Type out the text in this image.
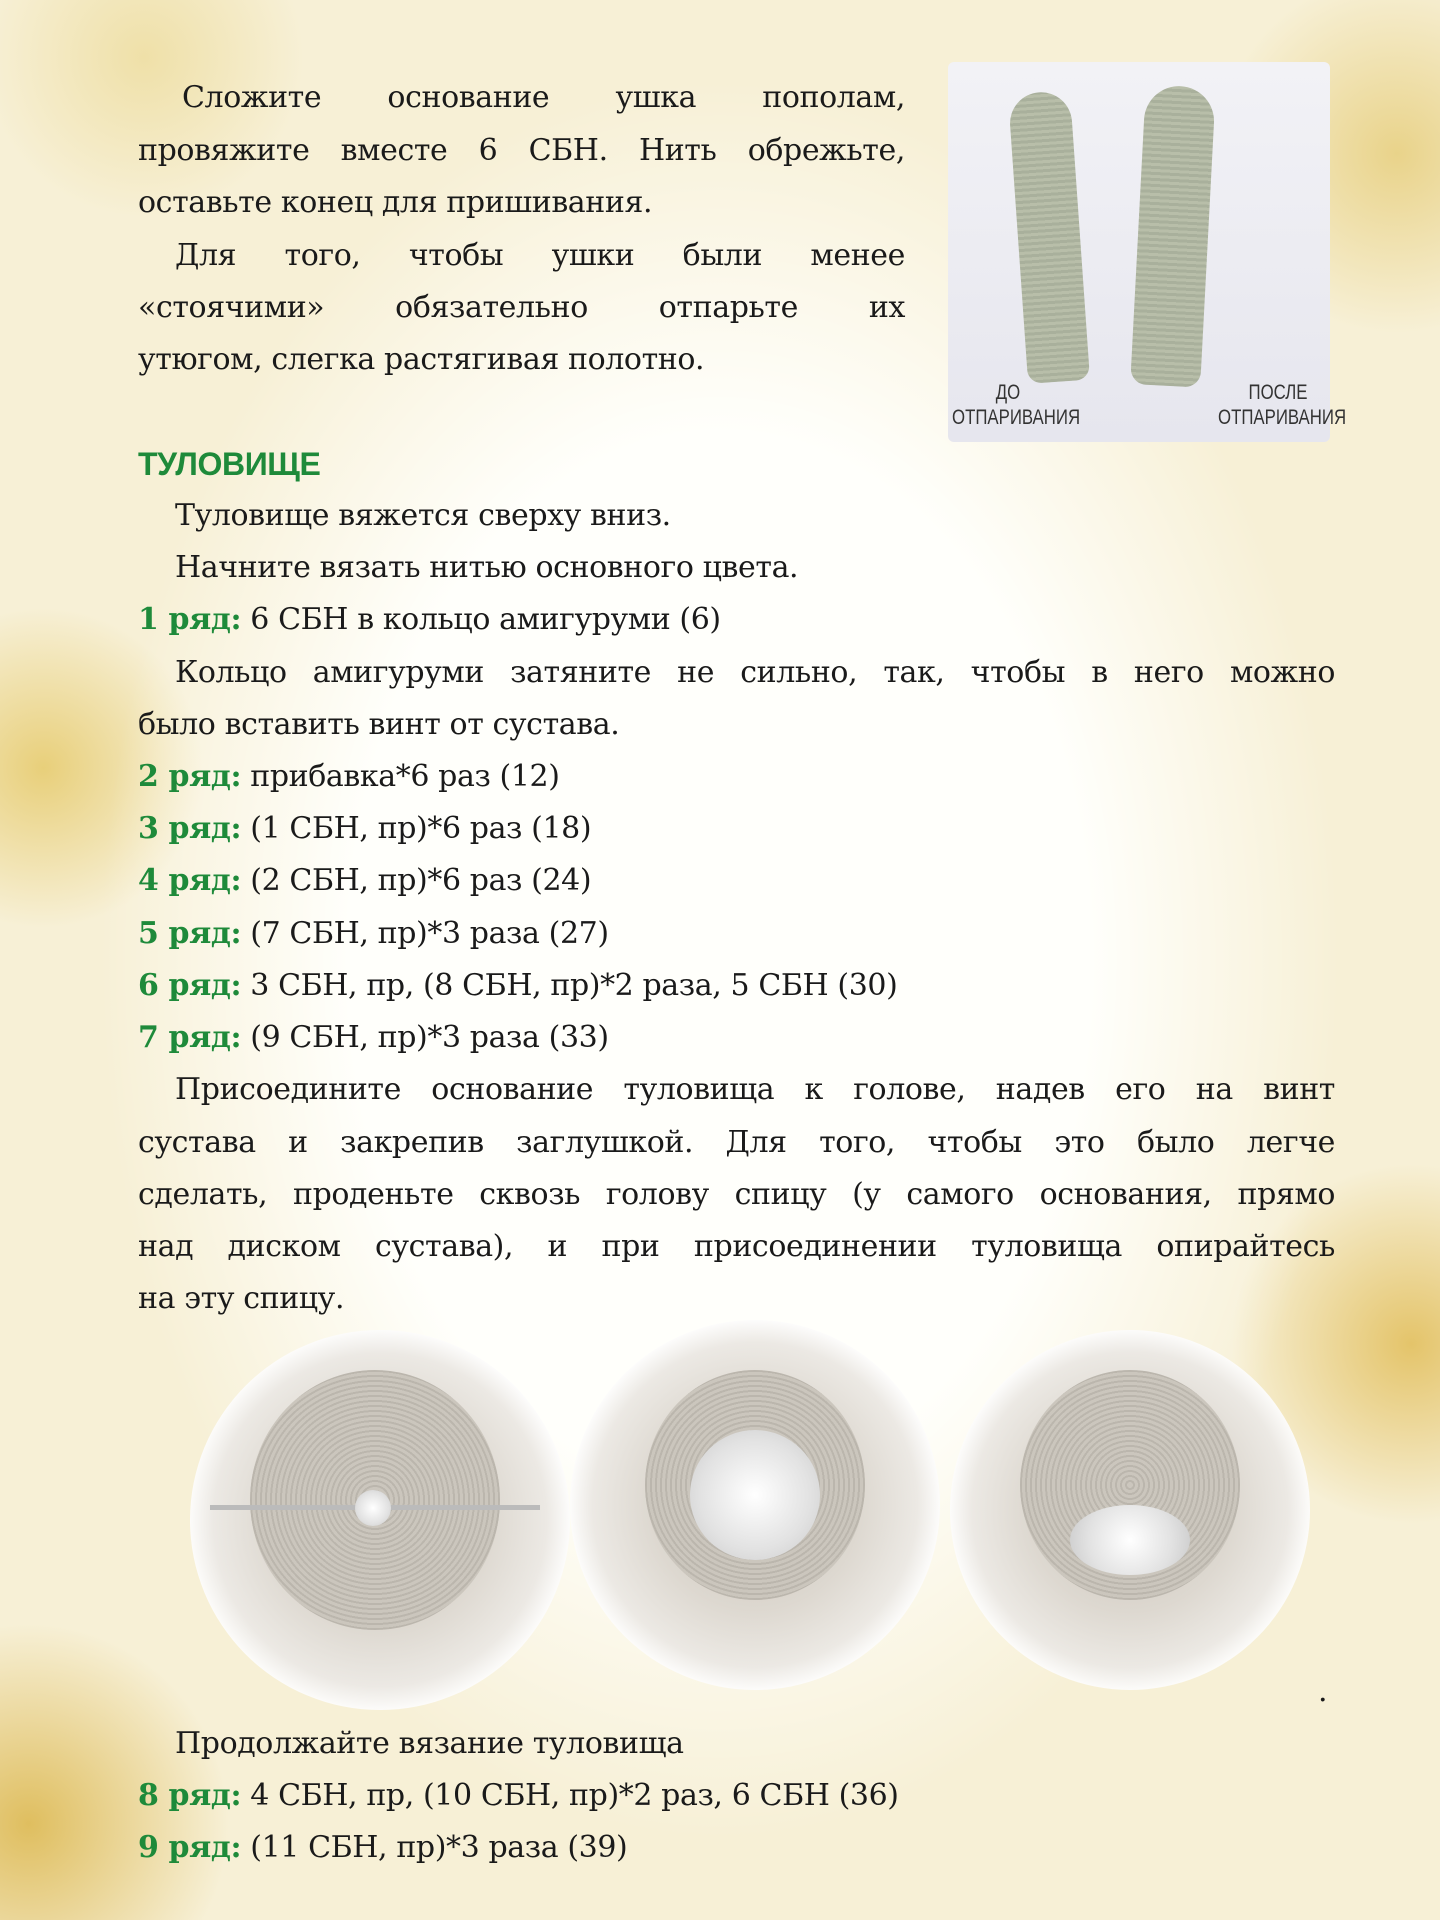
Сложите основание ушка пополам,
провяжите вместе 6 СБН. Нить обрежьте,
оставьте конец для пришивания.
Для того, чтобы ушки были менее
«стоячими» обязательно отпарьте их
утюгом, слегка растягивая полотно.
ДО ОТПАРИВАНИЯ
ПОСЛЕ ОТПАРИВАНИЯ
ТУЛОВИЩЕ
Туловище вяжется сверху вниз.
Начните вязать нитью основного цвета.
1 ряд: 6 СБН в кольцо амигуруми (6)
Кольцо амигуруми затяните не сильно, так, чтобы в него можно
было вставить винт от сустава.
2 ряд: прибавка*6 раз (12)
3 ряд: (1 СБН, пр)*6 раз (18)
4 ряд: (2 СБН, пр)*6 раз (24)
5 ряд: (7 СБН, пр)*3 раза (27)
6 ряд: 3 СБН, пр, (8 СБН, пр)*2 раза, 5 СБН (30)
7 ряд: (9 СБН, пр)*3 раза (33)
Присоедините основание туловища к голове, надев его на винт
сустава и закрепив заглушкой. Для того, чтобы это было легче
сделать, проденьте сквозь голову спицу (у самого основания, прямо
над диском сустава), и при присоединении туловища опирайтесь
на эту спицу.
.
Продолжайте вязание туловища
8 ряд: 4 СБН, пр, (10 СБН, пр)*2 раз, 6 СБН (36)
9 ряд: (11 СБН, пр)*3 раза (39)
